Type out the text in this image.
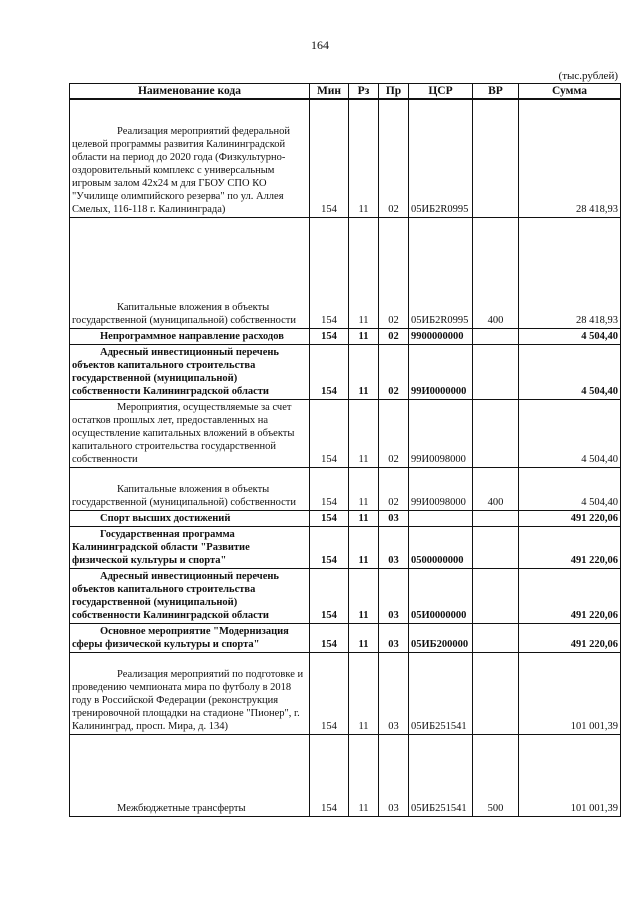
164
(тыс.рублей)
Наименование кода	Мин	Рз	Пр	ЦСР	ВР	Сумма

Реализация мероприятий федеральной целевой программы развития Калининградской области на период до 2020 года (Физкультурно-оздоровительный комплекс с универсальным игровым залом 42х24 м для ГБОУ СПО КО "Училище олимпийского резерва" по ул. Аллея Смелых, 116-118 г. Калининграда)	154	11	02	05ИБ2R0995		28 418,93

Капитальные вложения в объекты государственной (муниципальной) собственности	154	11	02	05ИБ2R0995	400	28 418,93

Непрограммное направление расходов	154	11	02	9900000000		4 504,40

Адресный инвестиционный перечень объектов капитального строительства государственной (муниципальной) собственности Калининградской области	154	11	02	99И0000000		4 504,40

Мероприятия, осуществляемые за счет остатков прошлых лет, предоставленных на осуществление капитальных вложений в объекты капитального строительства государственной собственности	154	11	02	99И0098000		4 504,40

Капитальные вложения в объекты государственной (муниципальной) собственности	154	11	02	99И0098000	400	4 504,40

Спорт высших достижений	154	11	03			491 220,06

Государственная программа Калининградской области "Развитие физической культуры и спорта"	154	11	03	0500000000		491 220,06

Адресный инвестиционный перечень объектов капитального строительства государственной (муниципальной) собственности Калининградской области	154	11	03	05И0000000		491 220,06

Основное мероприятие "Модернизация сферы физической культуры и спорта"	154	11	03	05ИБ200000		491 220,06

Реализация мероприятий по подготовке и проведению чемпионата мира по футболу в 2018 году в Российской Федерации (реконструкция тренировочной площадки на стадионе "Пионер", г. Калининград, просп. Мира, д. 134)	154	11	03	05ИБ251541		101 001,39

Межбюджетные трансферты	154	11	03	05ИБ251541	500	101 001,39
